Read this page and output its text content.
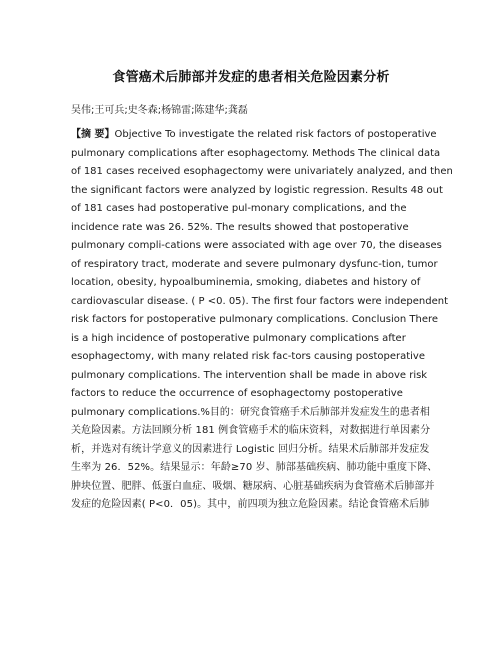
食管癌术后肺部并发症的患者相关危险因素分析
吴伟;王可兵;史冬森;杨锦雷;陈建华;龚磊
【摘 要】Objective To investigate the related risk factors of postoperative
pulmonary complications after esophagectomy. Methods The clinical data
of 181 cases received esophagectomy were univariately analyzed, and then
the significant factors were analyzed by logistic regression. Results 48 out
of 181 cases had postoperative pul-monary complications, and the
incidence rate was 26. 52%. The results showed that postoperative
pulmonary compli-cations were associated with age over 70, the diseases
of respiratory tract, moderate and severe pulmonary dysfunc-tion, tumor
location, obesity, hypoalbuminemia, smoking, diabetes and history of
cardiovascular disease. ( P <0. 05). The first four factors were independent
risk factors for postoperative pulmonary complications. Conclusion There
is a high incidence of postoperative pulmonary complications after
esophagectomy, with many related risk fac-tors causing postoperative
pulmonary complications. The intervention shall be made in above risk
factors to reduce the occurrence of esophagectomy postoperative
pulmonary complications.%目的：研究食管癌手术后肺部并发症发生的患者相
关危险因素。方法回顾分析 181 例食管癌手术的临床资料，对数据进行单因素分
析，并选对有统计学意义的因素进行 Logistic 回归分析。结果术后肺部并发症发
生率为 26．52%。结果显示：年龄≥70 岁、肺部基础疾病、肺功能中重度下降、
肿块位置、肥胖、低蛋白血症、吸烟、糖尿病、心脏基础疾病为食管癌术后肺部并
发症的危险因素( P<0．05)。其中，前四项为独立危险因素。结论食管癌术后肺
